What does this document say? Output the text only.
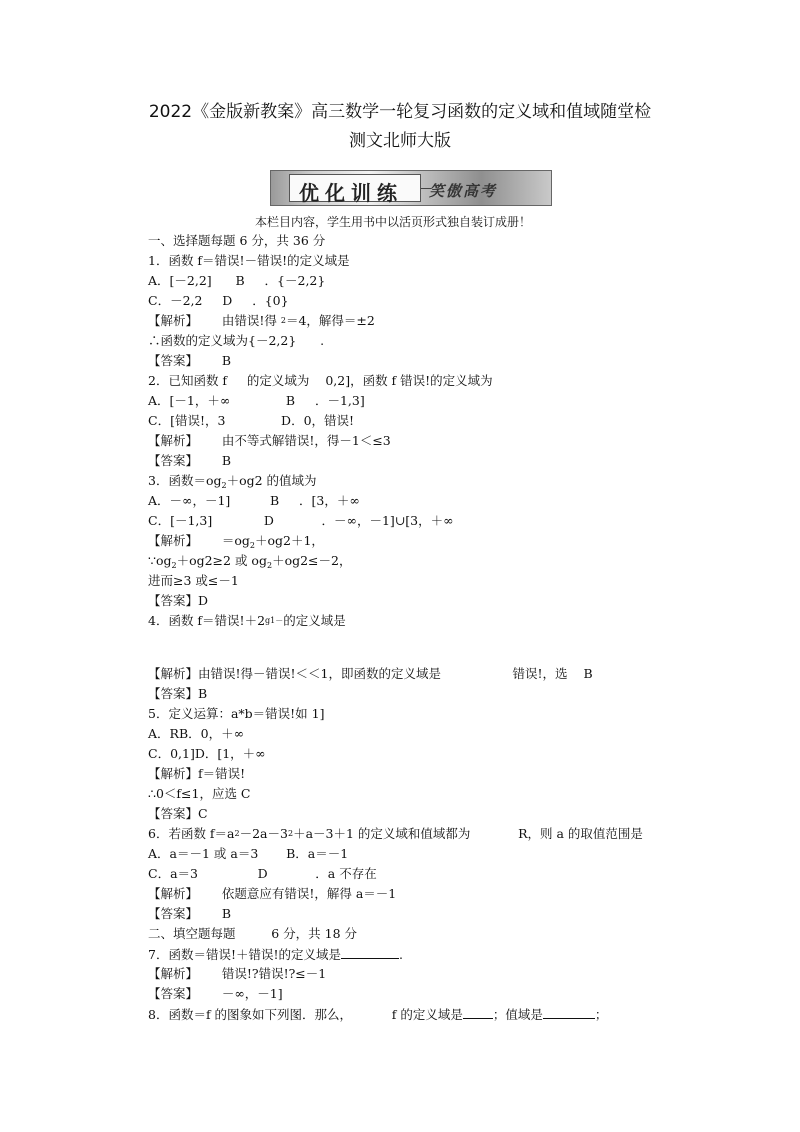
2022《金版新教案》高三数学一轮复习函数的定义域和值域随堂检
测文北师大版
优化训练 笑傲高考
本栏目内容，学生用书中以活页形式独自装订成册！
一、选择题每题 6 分，共 36 分
1．函数 f＝错误!－错误!的定义域是
A．[－2,2]      B     ．{－2,2}
C．－2,2     D     ．{0}
【解析】      由错误!得 $^2$＝4，解得＝±2
∴函数的定义域为{－2,2}      .
【答案】      B
2．已知函数 f     的定义域为    0,2]，函数 f 错误!的定义域为
A．[－1，＋∞              B     ．－1,3]
C．[错误!，3              D．0，错误!
【解析】      由不等式解错误!，得－1＜≤3
【答案】      B
3．函数$=og_2+og2$ 的值域为
A．－∞，－1]          B     ．[3，＋∞
C．[－1,3]             D            ．－∞，－1]∪[3，＋∞
【解析】      $=og_2+og2+1$，
$\because og_2+og2\ge 2$ 或 $og_2+og2\le-2$，
进而≥3 或≤－1
【答案】D
4．函数 f＝错误$!+2^{g1-}$的定义域是
【解析】由错误!得－错误!＜＜1，即函数的定义域是                  错误!，选    B
【答案】B
5．定义运算：a*b＝错误!如 1]
A．RB．0，＋∞
C．0,1]D．[1，＋∞
【解析】f＝错误!
∴0＜f≤1，应选 C
【答案】C
6．若函数 $f=a^2-2a-3^2+a-3+1$ 的定义域和值域都为            R，则 a 的取值范围是
A．a＝－1 或 a＝3       B．a＝－1
C．a＝3               D            ．a 不存在
【解析】      依题意应有错误!，解得 a＝－1
【答案】      B
二、填空题每题         6 分，共 18 分
7．函数＝错误!＋错误!的定义域是	.
【解析】      错误!?错误!?≤－1
【答案】      －∞，－1]
8．函数＝f 的图象如下列图．那么，          f 的定义域是 ；值域是	；
